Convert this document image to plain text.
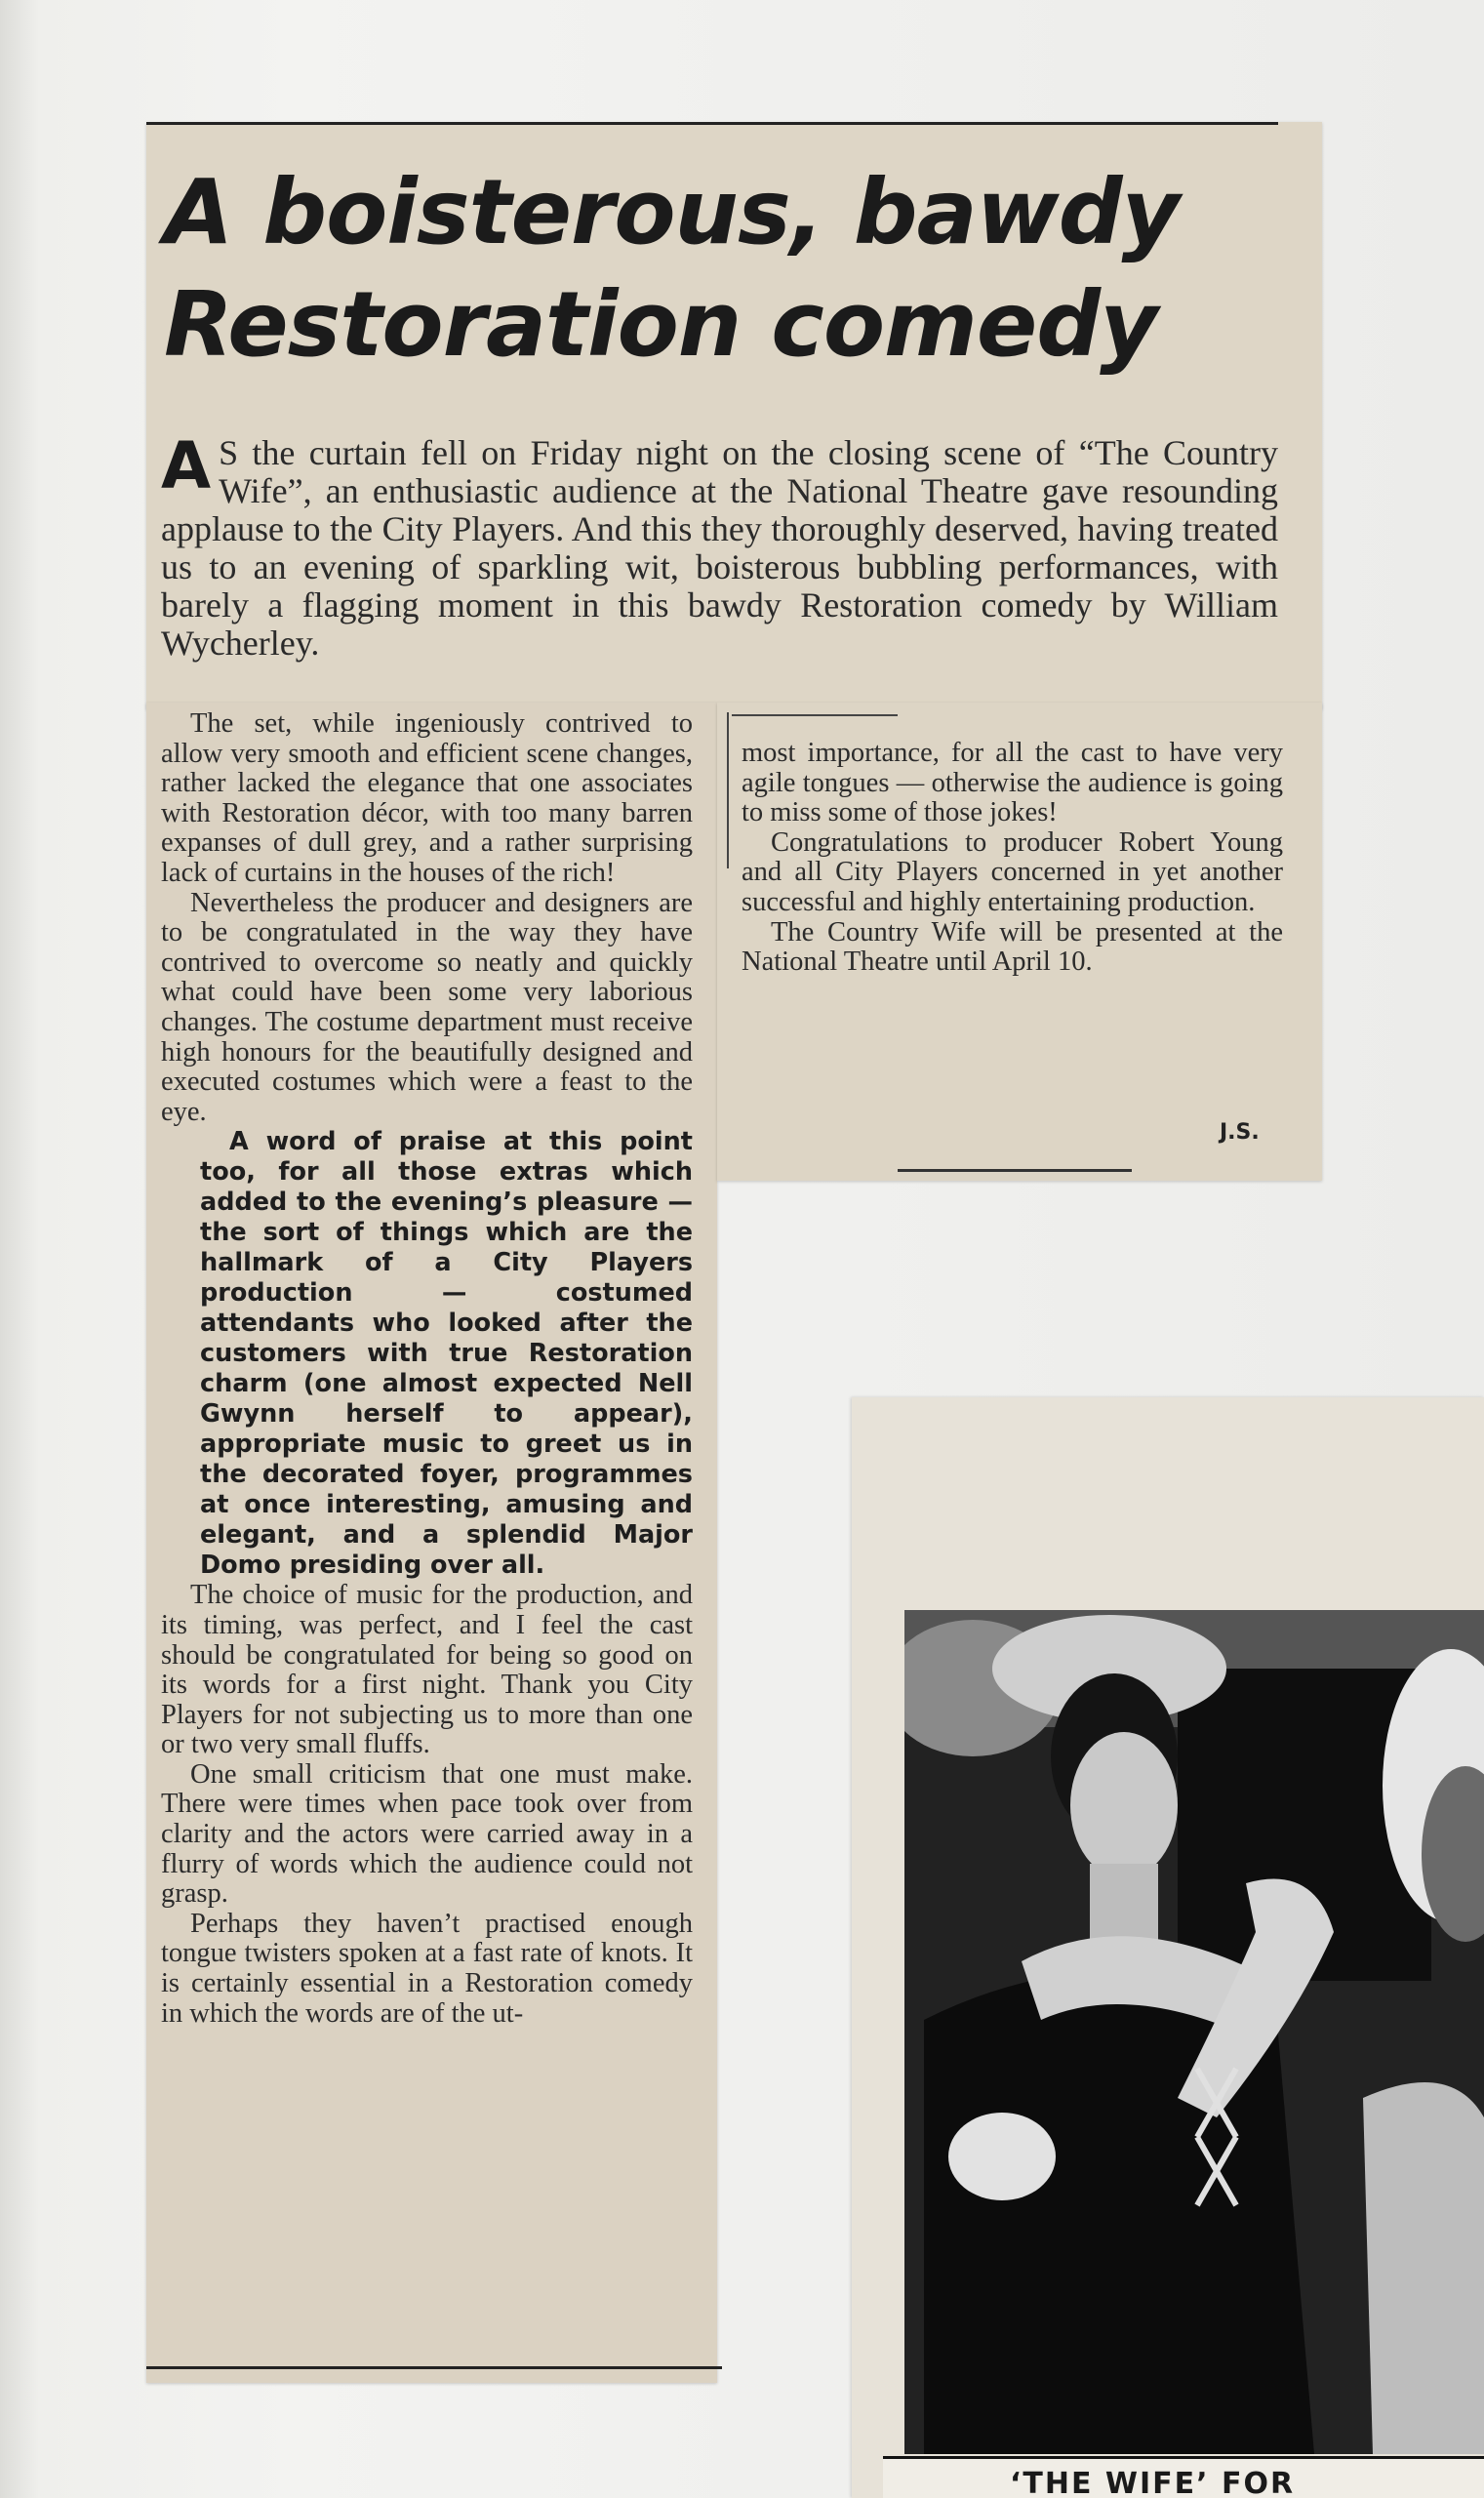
A boisterous, bawdy
Restoration comedy

A S the curtain fell on Friday night on the closing scene of “The Country Wife”, an enthusiastic audience at the National Theatre gave resounding applause to the City Players. And this they thoroughly deserved, having treated us to an evening of sparkling wit, boisterous bubbling performances, with barely a flagging moment in this bawdy Restoration comedy by William Wycherley.

The set, while ingeniously contrived to allow very smooth and efficient scene changes, rather lacked the elegance that one associates with Restoration décor, with too many barren expanses of dull grey, and a rather surprising lack of curtains in the houses of the rich!

Nevertheless the producer and designers are to be congratulated in the way they have contrived to overcome so neatly and quickly what could have been some very laborious changes. The costume department must receive high honours for the beautifully designed and executed costumes which were a feast to the eye.

A word of praise at this point too, for all those extras which added to the evening’s pleasure — the sort of things which are the hallmark of a City Players production — costumed attendants who looked after the customers with true Restoration charm (one almost expected Nell Gwynn herself to appear), appropriate music to greet us in the decorated foyer, programmes at once interesting, amusing and elegant, and a splendid Major Domo presiding over all.

The choice of music for the production, and its timing, was perfect, and I feel the cast should be congratulated for being so good on its words for a first night. Thank you City Players for not subjecting us to more than one or two very small fluffs.

One small criticism that one must make. There were times when pace took over from clarity and the actors were carried away in a flurry of words which the audience could not grasp.

Perhaps they haven’t practised enough tongue twisters spoken at a fast rate of knots. It is certainly essential in a Restoration comedy in which the words are of the ut-

most importance, for all the cast to have very agile tongues — otherwise the audience is going to miss some of those jokes!

Congratulations to producer Robert Young and all City Players concerned in yet another successful and highly entertaining production.

The Country Wife will be presented at the National Theatre until April 10.

J.S.
‘THE WIFE’ FOR
